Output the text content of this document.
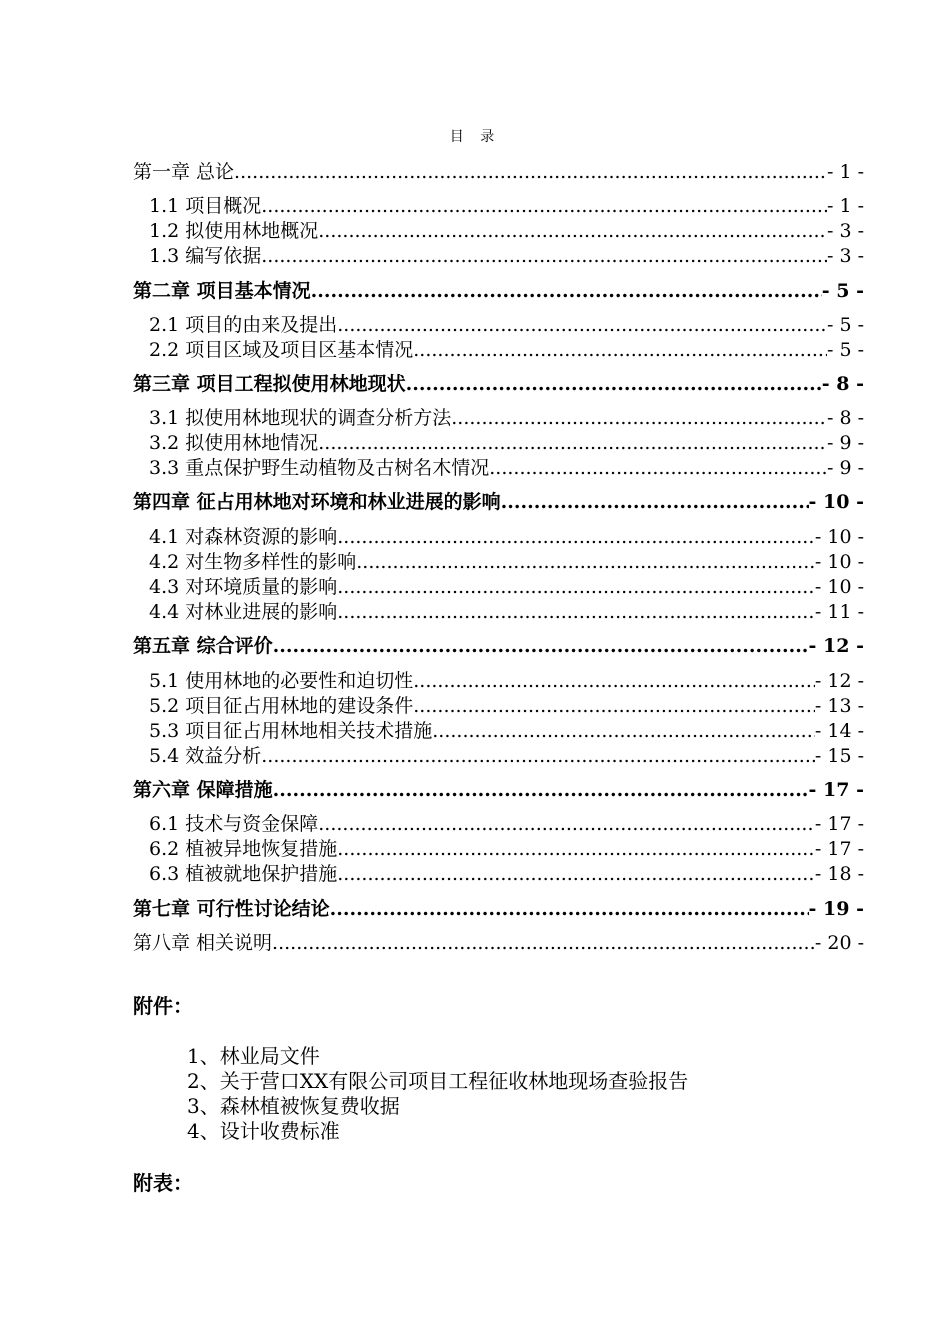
目 录
第一章 总论 .....	- 1 -
1.1 项目概况 .....	- 1 -
1.2 拟使用林地概况 .....	- 3 -
1.3 编写依据 .....	- 3 -
第二章 项目基本情况 .....	- 5 -
2.1 项目的由来及提出 .....	- 5 -
2.2 项目区域及项目区基本情况 .....	- 5 -
第三章 项目工程拟使用林地现状 .....	- 8 -
3.1 拟使用林地现状的调查分析方法 .....	- 8 -
3.2 拟使用林地情况 .....	- 9 -
3.3 重点保护野生动植物及古树名木情况 .....	- 9 -
第四章 征占用林地对环境和林业进展的影响 .....	- 10 -
4.1 对森林资源的影响 .....	- 10 -
4.2 对生物多样性的影响 .....	- 10 -
4.3 对环境质量的影响 .....	- 10 -
4.4 对林业进展的影响 .....	- 11 -
第五章 综合评价 .....	- 12 -
5.1 使用林地的必要性和迫切性 .....	- 12 -
5.2 项目征占用林地的建设条件 .....	- 13 -
5.3 项目征占用林地相关技术措施 .....	- 14 -
5.4 效益分析 .....	- 15 -
第六章 保障措施 .....	- 17 -
6.1 技术与资金保障 .....	- 17 -
6.2 植被异地恢复措施 .....	- 17 -
6.3 植被就地保护措施 .....	- 18 -
第七章 可行性讨论结论 .....	- 19 -
第八章 相关说明 .....	- 20 -
附件：
1、林业局文件
2、关于营口XX有限公司项目工程征收林地现场查验报告
3、森林植被恢复费收据
4、设计收费标准
附表：
